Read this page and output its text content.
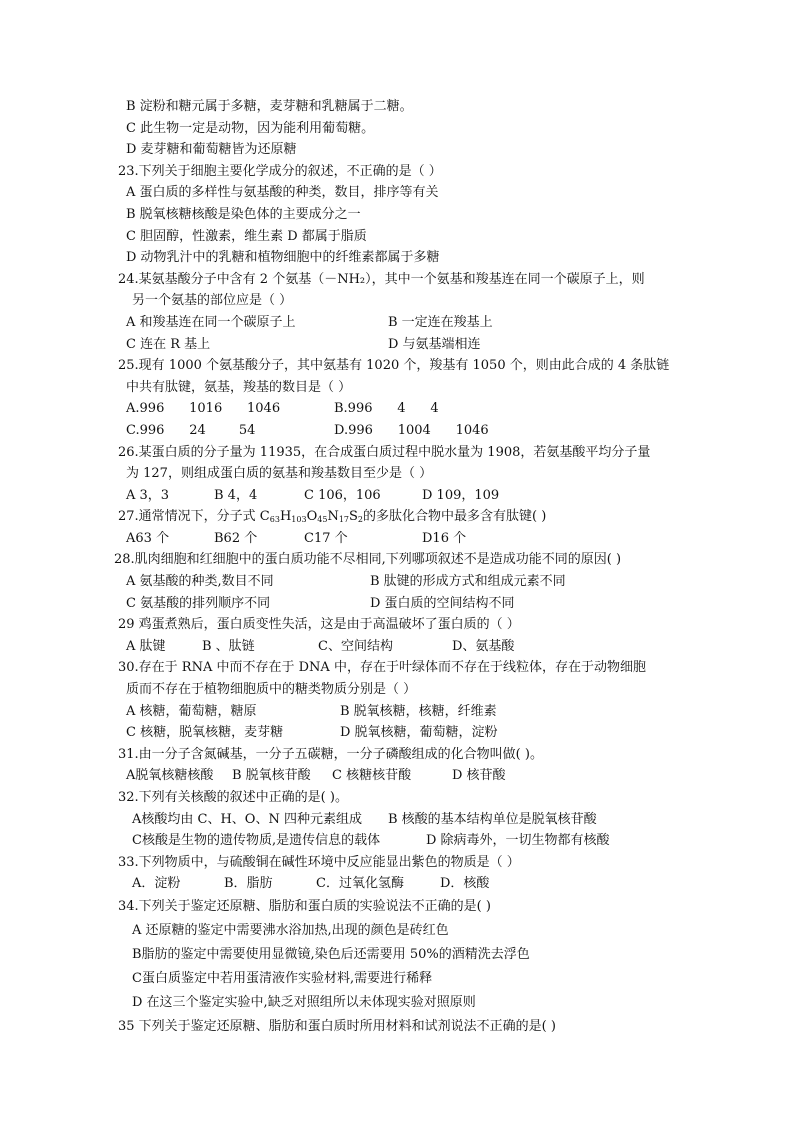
B 淀粉和糖元属于多糖，麦芽糖和乳糖属于二糖。
C 此生物一定是动物，因为能利用葡萄糖。
D 麦芽糖和葡萄糖皆为还原糖
23.下列关于细胞主要化学成分的叙述，不正确的是（ ）
A 蛋白质的多样性与氨基酸的种类，数目，排序等有关
B 脱氧核糖核酸是染色体的主要成分之一
C 胆固醇，性激素，维生素 D 都属于脂质
D 动物乳汁中的乳糖和植物细胞中的纤维素都属于多糖
24.某氨基酸分子中含有 2 个氨基（－NH₂），其中一个氨基和羧基连在同一个碳原子上，则
另一个氨基的部位应是（ ）
A 和羧基连在同一个碳原子上	B 一定连在羧基上
C 连在 R 基上	D 与氨基端相连
25.现有 1000 个氨基酸分子，其中氨基有 1020 个，羧基有 1050 个，则由此合成的 4 条肽链
中共有肽键，氨基，羧基的数目是（ ）
A.996      1016      1046	B.996      4      4
C.996      24        54	D.996      1004      1046
26.某蛋白质的分子量为 11935，在合成蛋白质过程中脱水量为 1908，若氨基酸平均分子量
为 127，则组成蛋白质的氨基和羧基数目至少是（ ）
A 3，3	B 4，4	C 106，106	D 109，109
27.通常情况下，分子式 $C_{63}H_{103}O_{45}N_{17}S_2$的多肽化合物中最多含有肽键( )
A63 个	B62 个	C17 个	D16 个
28.肌肉细胞和红细胞中的蛋白质功能不尽相同,下列哪项叙述不是造成功能不同的原因( )
A 氨基酸的种类,数目不同	B 肽键的形成方式和组成元素不同
C 氨基酸的排列顺序不同	D 蛋白质的空间结构不同
29 鸡蛋煮熟后，蛋白质变性失活，这是由于高温破坏了蛋白质的（ ）
A 肽键	B 、肽链	C、空间结构	D、氨基酸
30.存在于 RNA 中而不存在于 DNA 中，存在于叶绿体而不存在于线粒体，存在于动物细胞
质而不存在于植物细胞质中的糖类物质分别是（ ）
A 核糖，葡萄糖，糖原	B 脱氧核糖，核糖，纤维素
C 核糖，脱氧核糖，麦芽糖	D 脱氧核糖，葡萄糖，淀粉
31.由一分子含氮碱基，一分子五碳糖，一分子磷酸组成的化合物叫做( )。
A脱氧核糖核酸	B 脱氧核苷酸	C 核糖核苷酸	D 核苷酸
32.下列有关核酸的叙述中正确的是( )。
A核酸均由 C、H、O、N 四种元素组成	B 核酸的基本结构单位是脱氧核苷酸
C核酸是生物的遗传物质,是遗传信息的载体	D 除病毒外，一切生物都有核酸
33.下列物质中，与硫酸铜在碱性环境中反应能显出紫色的物质是（ ）
A．淀粉	B．脂肪	C．过氧化氢酶	D．核酸
34.下列关于鉴定还原糖、脂肪和蛋白质的实验说法不正确的是( )
A 还原糖的鉴定中需要沸水浴加热,出现的颜色是砖红色
B脂肪的鉴定中需要使用显微镜,染色后还需要用 50%的酒精洗去浮色
C蛋白质鉴定中若用蛋清液作实验材料,需要进行稀释
D 在这三个鉴定实验中,缺乏对照组所以未体现实验对照原则
35 下列关于鉴定还原糖、脂肪和蛋白质时所用材料和试剂说法不正确的是( )
